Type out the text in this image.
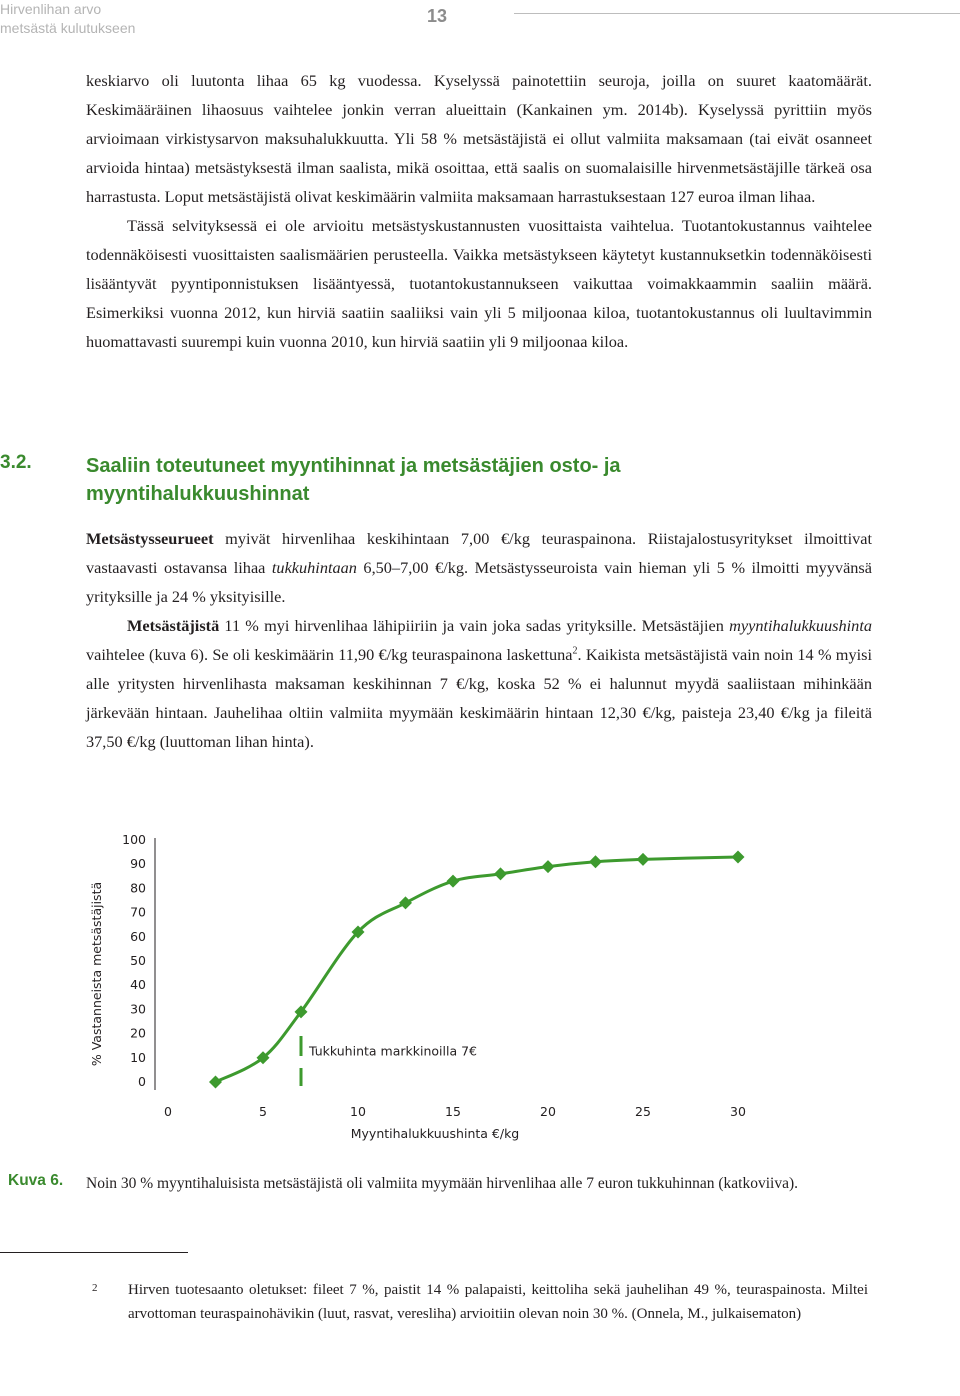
Hirvenlihan arvo
metsästä kulutukseen
13

keskiarvo oli luutonta lihaa 65 kg vuodessa. Kyselyssä painotettiin seuroja, joilla on suuret kaatomäärät. Keskimääräinen lihaosuus vaihtelee jonkin verran alueittain (Kankainen ym. 2014b). Kyselyssä pyrittiin myös arvioimaan virkistysarvon maksuhalukkuutta. Yli 58 % metsästäjistä ei ollut valmiita maksamaan (tai eivät osanneet arvioida hintaa) metsästyksestä ilman saalista, mikä osoittaa, että saalis on suomalaisille hirvenmetsästäjille tärkeä osa harrastusta. Loput metsästäjistä olivat keskimäärin valmiita maksamaan harrastuksestaan 127 euroa ilman lihaa.

Tässä selvityksessä ei ole arvioitu metsästyskustannusten vuosittaista vaihtelua. Tuotantokustannus vaihtelee todennäköisesti vuosittaisten saalismäärien perusteella. Vaikka metsästykseen käytetyt kustannuksetkin todennäköisesti lisääntyvät pyyntiponnistuksen lisääntyessä, tuotantokustannukseen vaikuttaa voimakkaammin saaliin määrä. Esimerkiksi vuonna 2012, kun hirviä saatiin saaliiksi vain yli 5 miljoonaa kiloa, tuotantokustannus oli luultavimmin huomattavasti suurempi kuin vuonna 2010, kun hirviä saatiin yli 9 miljoonaa kiloa.

3.2.	Saaliin toteutuneet myyntihinnat ja metsästäjien osto- ja
myyntihalukkuushinnat

Metsästysseurueet myivät hirvenlihaa keskihintaan 7,00 €/kg teuraspainona. Riistajalostusyritykset ilmoittivat vastaavasti ostavansa lihaa tukkuhintaan 6,50–7,00 €/kg. Metsästysseuroista vain hieman yli 5 % ilmoitti myyvänsä yrityksille ja 24 % yksityisille.

Metsästäjistä 11 % myi hirvenlihaa lähipiiriin ja vain joka sadas yrityksille. Metsästäjien myyntihalukkuushinta vaihtelee (kuva 6). Se oli keskimäärin 11,90 €/kg teuraspainona laskettuna$^2$. Kaikista metsästäjistä vain noin 14 % myisi alle yritysten hirvenlihasta maksaman keskihinnan 7 €/kg, koska 52 % ei halunnut myydä saaliistaan mihinkään järkevään hintaan. Jauhelihaa oltiin valmiita myymään keskimäärin hintaan 12,30 €/kg, paisteja 23,40 €/kg ja fileitä 37,50 €/kg (luuttoman lihan hinta).

% Vastanneista metsästäjistä
0
10
20
30
40
50
60
70
80
90
100
0	5	10	15	20	25	30
Myyntihalukkuushinta €/kg
Tukkuhinta markkinoilla 7€
Kuva 6. Noin 30 % myyntihaluisista metsästäjistä oli valmiita myymään hirvenlihaa alle 7 euron tukkuhinnan (katkoviiva).
2 Hirven tuotesaanto oletukset: fileet 7 %, paistit 14 % palapaisti, keittoliha sekä jauhelihan 49 %, teuraspainosta. Miltei arvottoman teuraspainohävikin (luut, rasvat, veresliha) arvioitiin olevan noin 30 %. (Onnela, M., julkaisematon)
